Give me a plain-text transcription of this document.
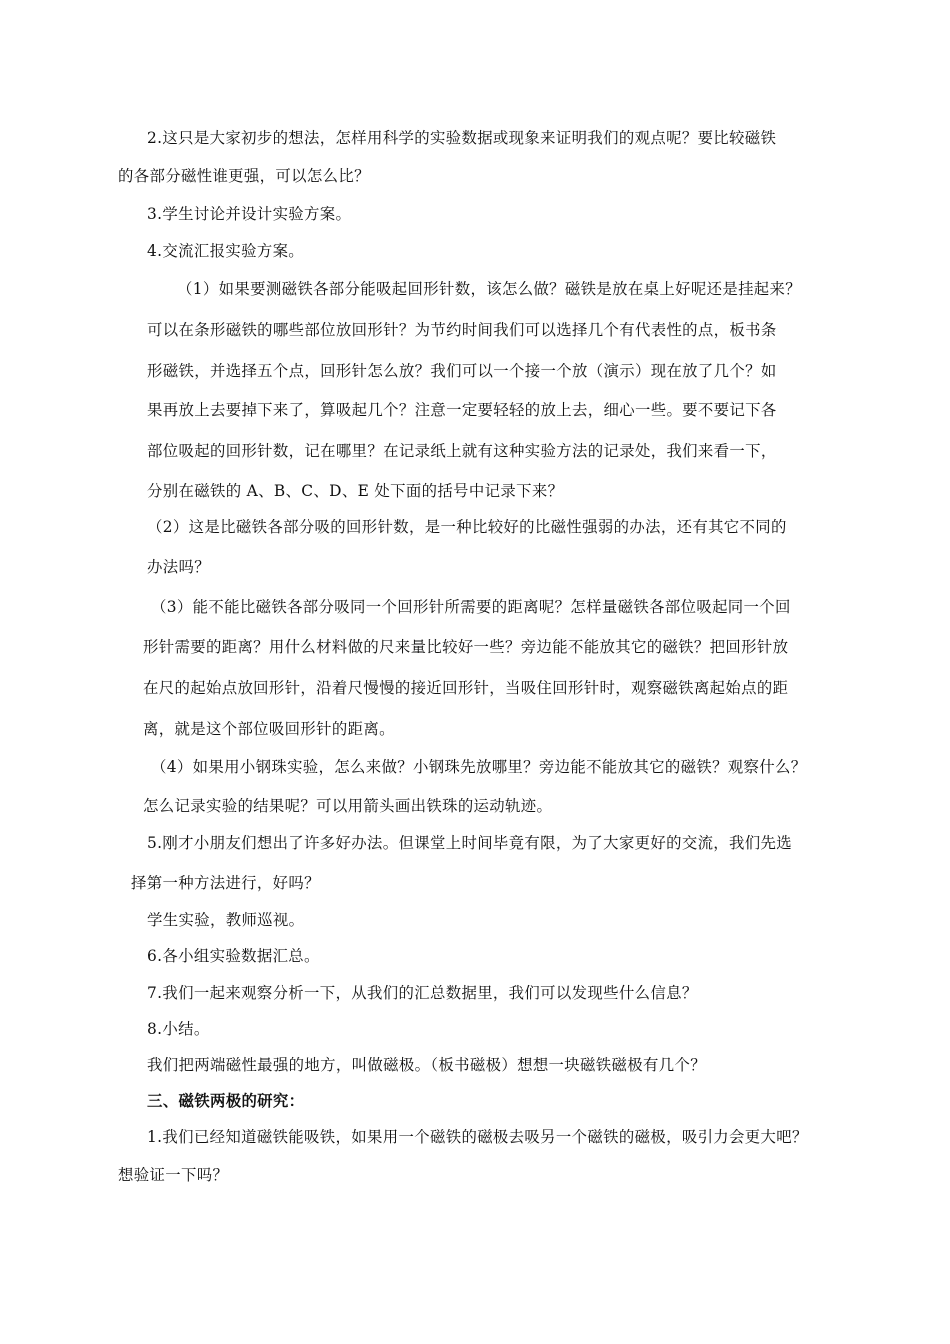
2.这只是大家初步的想法，怎样用科学的实验数据或现象来证明我们的观点呢？要比较磁铁
的各部分磁性谁更强，可以怎么比？
3.学生讨论并设计实验方案。
4.交流汇报实验方案。
（1）如果要测磁铁各部分能吸起回形针数，该怎么做？磁铁是放在桌上好呢还是挂起来？
可以在条形磁铁的哪些部位放回形针？为节约时间我们可以选择几个有代表性的点，板书条
形磁铁，并选择五个点，回形针怎么放？我们可以一个接一个放（演示）现在放了几个？如
果再放上去要掉下来了，算吸起几个？注意一定要轻轻的放上去，细心一些。要不要记下各
部位吸起的回形针数，记在哪里？在记录纸上就有这种实验方法的记录处，我们来看一下，
分别在磁铁的 A、B、C、D、E 处下面的括号中记录下来？
（2）这是比磁铁各部分吸的回形针数，是一种比较好的比磁性强弱的办法，还有其它不同的
办法吗？
（3）能不能比磁铁各部分吸同一个回形针所需要的距离呢？怎样量磁铁各部位吸起同一个回
形针需要的距离？用什么材料做的尺来量比较好一些？旁边能不能放其它的磁铁？把回形针放
在尺的起始点放回形针，沿着尺慢慢的接近回形针，当吸住回形针时，观察磁铁离起始点的距
离，就是这个部位吸回形针的距离。
（4）如果用小钢珠实验，怎么来做？小钢珠先放哪里？旁边能不能放其它的磁铁？观察什么？
怎么记录实验的结果呢？可以用箭头画出铁珠的运动轨迹。
5.刚才小朋友们想出了许多好办法。但课堂上时间毕竟有限，为了大家更好的交流，我们先选
择第一种方法进行，好吗？
学生实验，教师巡视。
6.各小组实验数据汇总。
7.我们一起来观察分析一下，从我们的汇总数据里，我们可以发现些什么信息？
8.小结。
我们把两端磁性最强的地方，叫做磁极。（板书磁极）想想一块磁铁磁极有几个？
三、磁铁两极的研究：
1.我们已经知道磁铁能吸铁，如果用一个磁铁的磁极去吸另一个磁铁的磁极，吸引力会更大吧？
想验证一下吗？
